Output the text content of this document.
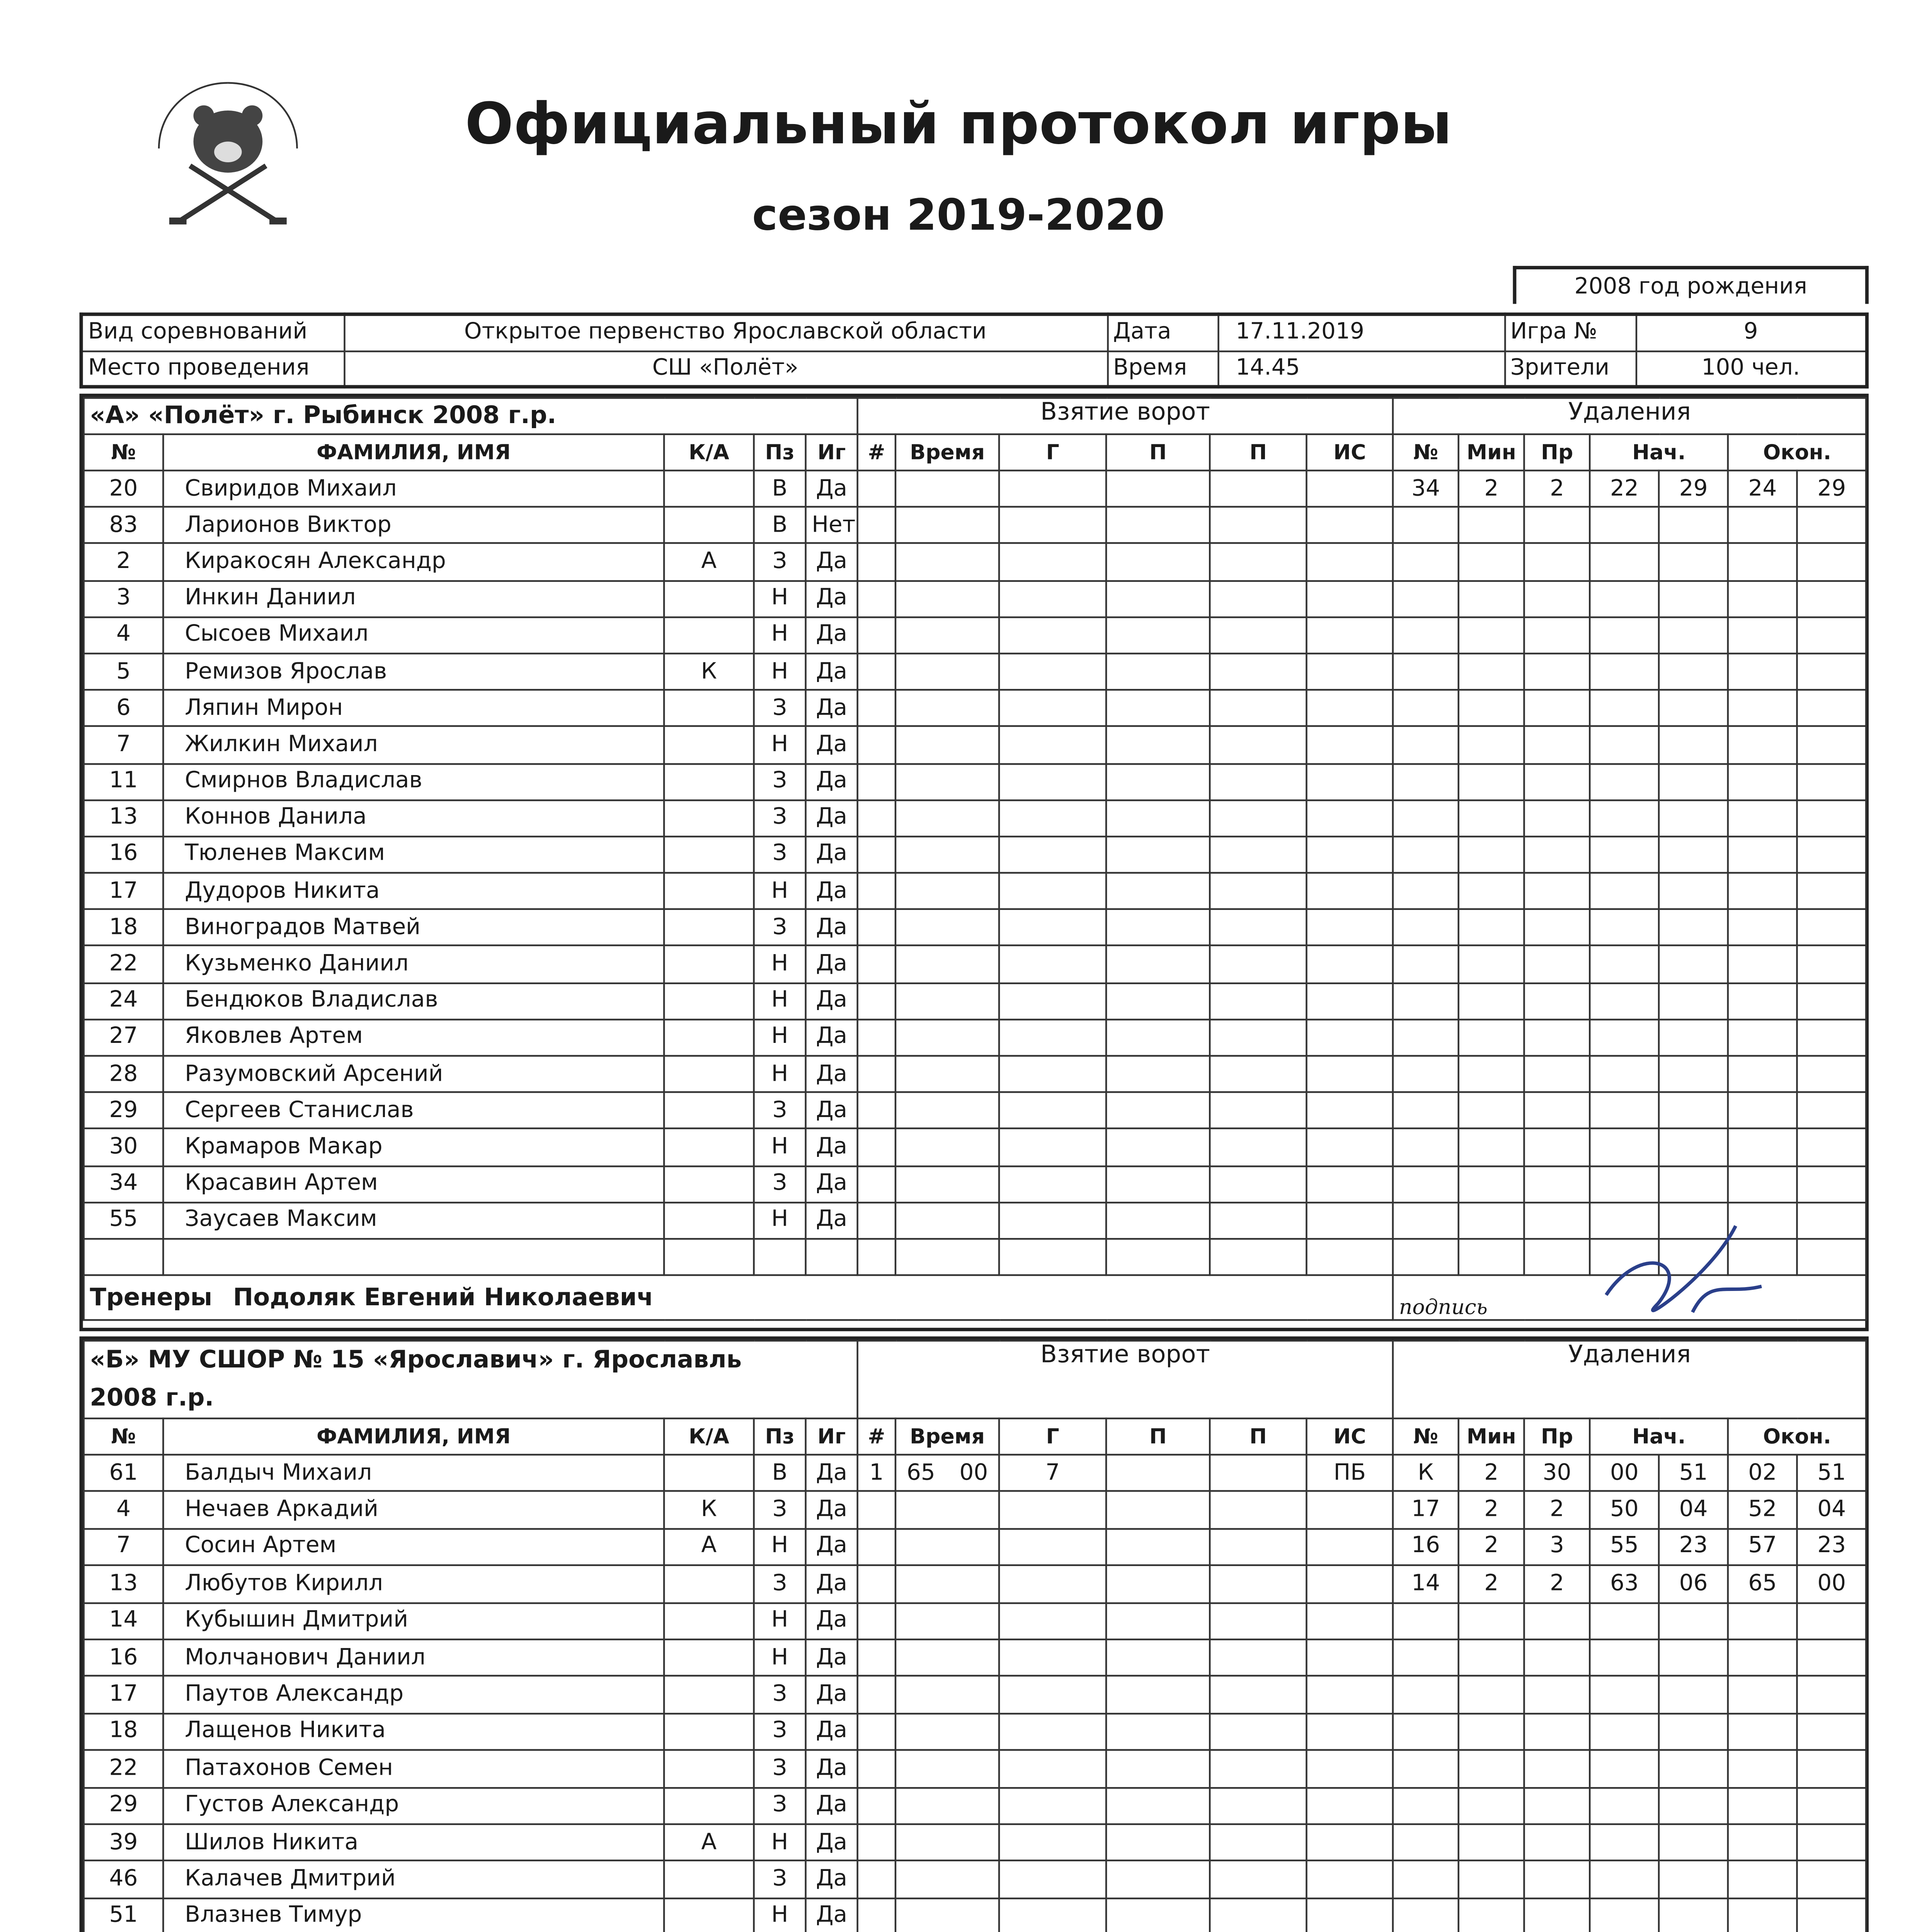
Официальный протокол игры
сезон 2019-2020
2008 год рождения
Вид соревнований	Открытое первенство Ярославской области	Дата	17.11.2019	Игра №	9
Место проведения	СШ «Полёт»	Время	14.45	Зрители	100 чел.
«А» «Полёт» г. Рыбинск 2008 г.р.					Взятие ворот						Удаления						
№	ФАМИЛИЯ, ИМЯ	К/А	Пз	Иг	#	Время	Г	П	П	ИС	№	Мин	Пр	Нач.		Окон.	
20	Свиридов Михаил		В	Да							34	2	2	22	29	24	29
83	Ларионов Виктор		В	Нет													
2	Киракосян Александр	А	З	Да													
3	Инкин Даниил		Н	Да													
4	Сысоев Михаил		Н	Да													
5	Ремизов Ярослав	К	Н	Да													
6	Ляпин Мирон		З	Да													
7	Жилкин Михаил		Н	Да													
11	Смирнов Владислав		З	Да													
13	Коннов Данила		З	Да													
16	Тюленев Максим		З	Да													
17	Дудоров Никита		Н	Да													
18	Виноградов Матвей		З	Да													
22	Кузьменко Даниил		Н	Да													
24	Бендюков Владислав		Н	Да													
27	Яковлев Артем		Н	Да													
28	Разумовский Арсений		Н	Да													
29	Сергеев Станислав		З	Да													
30	Крамаров Макар		Н	Да													
34	Красавин Артем		З	Да													
55	Заусаев Максим		Н	Да													

Тренеры Подоляк Евгений Николаевич											подпись						
«Б» МУ СШОР № 15 «Ярославич» г. Ярославль
2008 г.р.					Взятие ворот						Удаления						
№	ФАМИЛИЯ, ИМЯ	К/А	Пз	Иг	#	Время	Г	П	П	ИС	№	Мин	Пр	Нач.		Окон.	
61	Балдыч Михаил		В	Да	1	65 00	7			ПБ	К	2	30	00	51	02	51
4	Нечаев Аркадий	К	З	Да							17	2	2	50	04	52	04
7	Сосин Артем	А	Н	Да							16	2	3	55	23	57	23
13	Любутов Кирилл		З	Да							14	2	2	63	06	65	00
14	Кубышин Дмитрий		Н	Да													
16	Молчанович Даниил		Н	Да													
17	Паутов Александр		З	Да													
18	Лащенов Никита		З	Да													
22	Патахонов Семен		З	Да													
29	Густов Александр		З	Да													
39	Шилов Никита	А	Н	Да													
46	Калачев Дмитрий		З	Да													
51	Влазнев Тимур		Н	Да													
